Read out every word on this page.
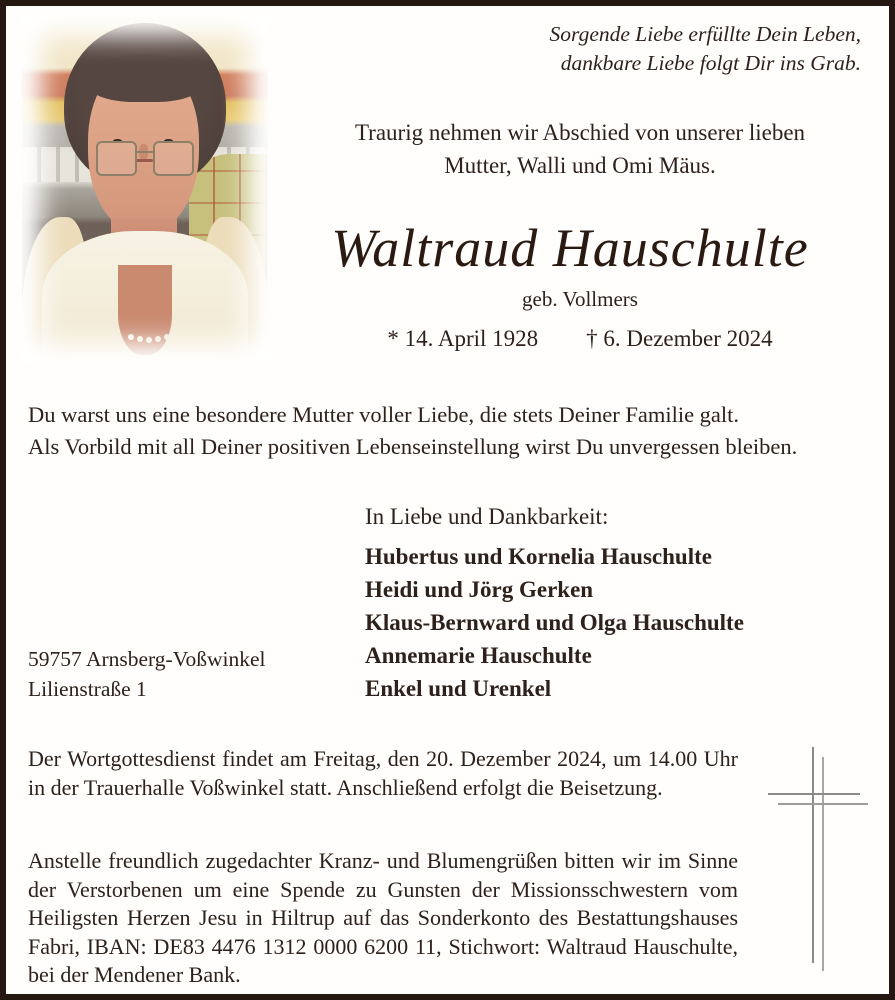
Sorgende Liebe erfüllte Dein Leben,
dankbare Liebe folgt Dir ins Grab.
Traurig nehmen wir Abschied von unserer lieben
Mutter, Walli und Omi Mäus.
Waltraud Hauschulte
geb. Vollmers
* 14. April 1928 † 6. Dezember 2024
Du warst uns eine besondere Mutter voller Liebe, die stets Deiner Familie galt.
Als Vorbild mit all Deiner positiven Lebenseinstellung wirst Du unvergessen bleiben.
In Liebe und Dankbarkeit:
Hubertus und Kornelia Hauschulte
Heidi und Jörg Gerken
Klaus-Bernward und Olga Hauschulte
Annemarie Hauschulte
Enkel und Urenkel
59757 Arnsberg-Voßwinkel
Lilienstraße 1
Der Wortgottesdienst findet am Freitag, den 20. Dezember 2024, um 14.00 Uhr in der Trauerhalle Voßwinkel statt. Anschließend erfolgt die Beisetzung.
Anstelle freundlich zugedachter Kranz- und Blumengrüßen bitten wir im Sinne der Verstorbenen um eine Spende zu Gunsten der Missionsschwestern vom Heiligsten Herzen Jesu in Hiltrup auf das Sonderkonto des Bestattungshauses Fabri, IBAN: DE83 4476 1312 0000 6200 11, Stichwort: Waltraud Hauschulte, bei der Mendener Bank.
